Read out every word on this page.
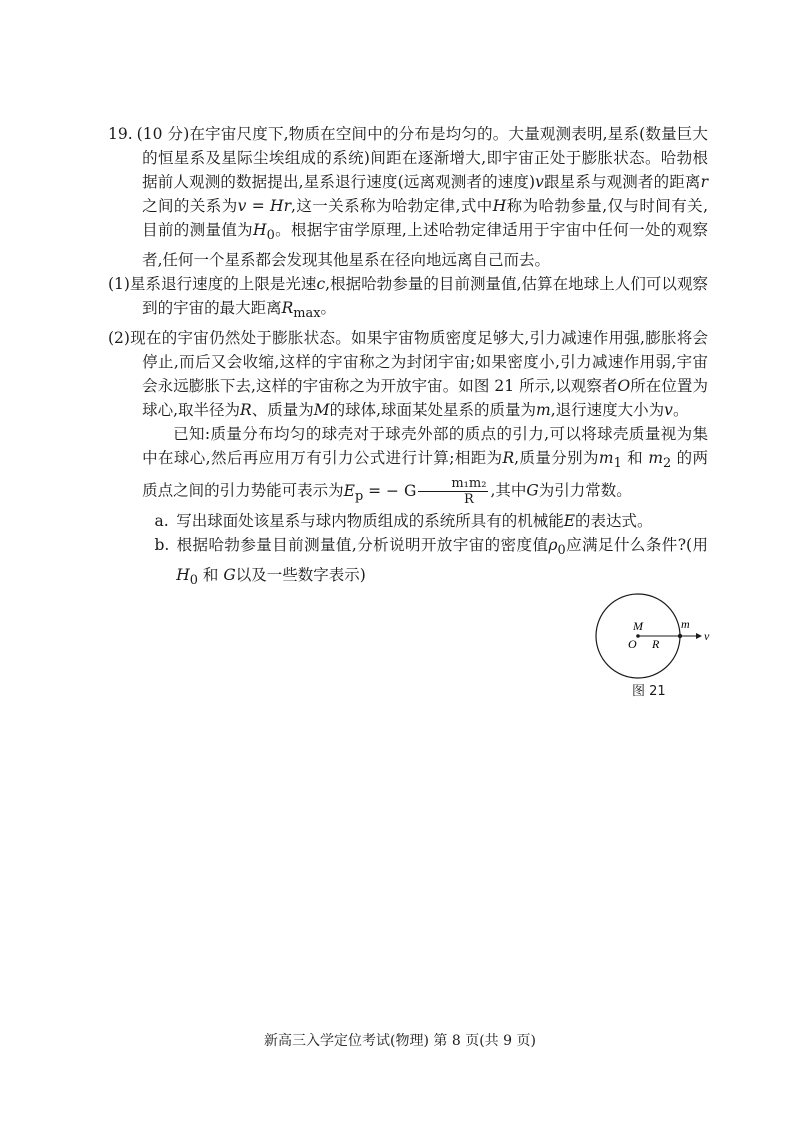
19. (10 分)在宇宙尺度下,物质在空间中的分布是均匀的。大量观测表明,星系(数量巨大的恒星系及星际尘埃组成的系统)间距在逐渐增大,即宇宙正处于膨胀状态。哈勃根据前人观测的数据提出,星系退行速度(远离观测者的速度)v跟星系与观测者的距离r之间的关系为v = Hr,这一关系称为哈勃定律,式中H称为哈勃参量,仅与时间有关,目前的测量值为$H_0$。根据宇宙学原理,上述哈勃定律适用于宇宙中任何一处的观察者,任何一个星系都会发现其他星系在径向地远离自己而去。

(1)星系退行速度的上限是光速c,根据哈勃参量的目前测量值,估算在地球上人们可以观察到的宇宙的最大距离$R_{max}$。

(2)现在的宇宙仍然处于膨胀状态。如果宇宙物质密度足够大,引力减速作用强,膨胀将会停止,而后又会收缩,这样的宇宙称之为封闭宇宙;如果密度小,引力减速作用弱,宇宙会永远膨胀下去,这样的宇宙称之为开放宇宙。如图 21 所示,以观察者O所在位置为球心,取半径为R、质量为M的球体,球面某处星系的质量为m,退行速度大小为v。

已知:质量分布均匀的球壳对于球壳外部的质点的引力,可以将球壳质量视为集中在球心,然后再应用万有引力公式进行计算;相距为R,质量分别为$m_1$ 和 $m_2$ 的两质点之间的引力势能可表示为$E_p$ = − G $\frac{\text{m₁m₂}}{R}$ ,其中G为引力常数。

a. 写出球面处该星系与球内物质组成的系统所具有的机械能E的表达式。

b. 根据哈勃参量目前测量值,分析说明开放宇宙的密度值$\rho_0$应满足什么条件?(用$H_0$ 和 G以及一些数字表示)

M
O R
m
v
图 21
新高三入学定位考试(物理) 第 8 页(共 9 页)
